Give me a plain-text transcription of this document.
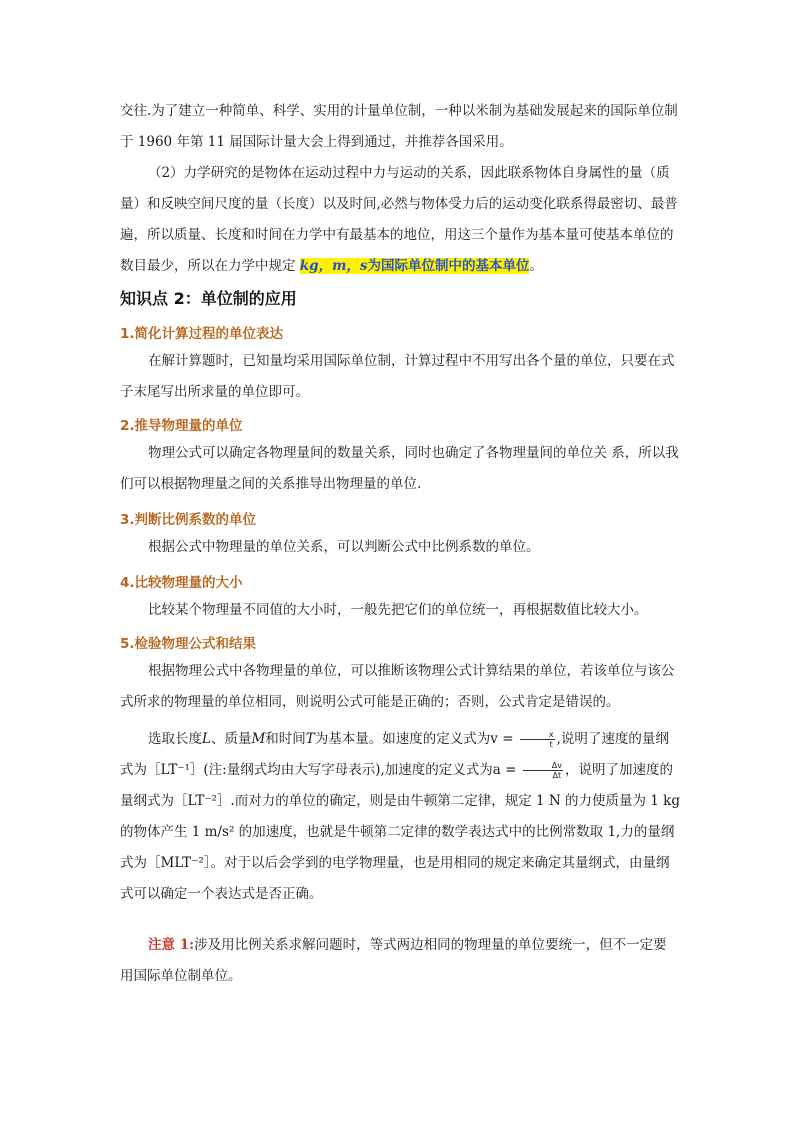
交往.为了建立一种简单、科学、实用的计量单位制，一种以米制为基础发展起来的国际单位制于 1960 年第 11 届国际计量大会上得到通过，并推荐各国采用。

（2）力学研究的是物体在运动过程中力与运动的关系，因此联系物体自身属性的量（质量）和反映空间尺度的量（长度）以及时间,必然与物体受力后的运动变化联系得最密切、最普遍，所以质量、长度和时间在力学中有最基本的地位，用这三个量作为基本量可使基本单位的数目最少，所以在力学中规定 kg，m，s为国际单位制中的基本单位。

知识点 2：单位制的应用
1.简化计算过程的单位表达

在解计算题时，已知量均采用国际单位制，计算过程中不用写出各个量的单位，只要在式子末尾写出所求量的单位即可。

2.推导物理量的单位

物理公式可以确定各物理量间的数量关系，同时也确定了各物理量间的单位关 系，所以我们可以根据物理量之间的关系推导出物理量的单位.

3.判断比例系数的单位

根据公式中物理量的单位关系，可以判断公式中比例系数的单位。

4.比较物理量的大小

比较某个物理量不同值的大小时，一般先把它们的单位统一，再根据数值比较大小。

5.检验物理公式和结果

根据物理公式中各物理量的单位，可以推断该物理公式计算结果的单位，若该单位与该公式所求的物理量的单位相同，则说明公式可能是正确的；否则，公式肯定是错误的。

选取长度L、质量M和时间T为基本量。如速度的定义式为$v = \frac{x}{t}$ ,说明了速度的量纲式为［LT⁻¹］(注:量纲式均由大写字母表示),加速度的定义式为$a = \frac{\Delta v}{\Delta t}$ ，说明了加速度的量纲式为［LT⁻²］.而对力的单位的确定，则是由牛顿第二定律，规定 1 N 的力使质量为 1 kg 的物体产生 1 m/s² 的加速度，也就是牛顿第二定律的数学表达式中的比例常数取 1,力的量纲式为［MLT⁻²］。对于以后会学到的电学物理量，也是用相同的规定来确定其量纲式，由量纲式可以确定一个表达式是否正确。

注意 1:涉及用比例关系求解问题时，等式两边相同的物理量的单位要统一，但不一定要用国际单位制单位。
